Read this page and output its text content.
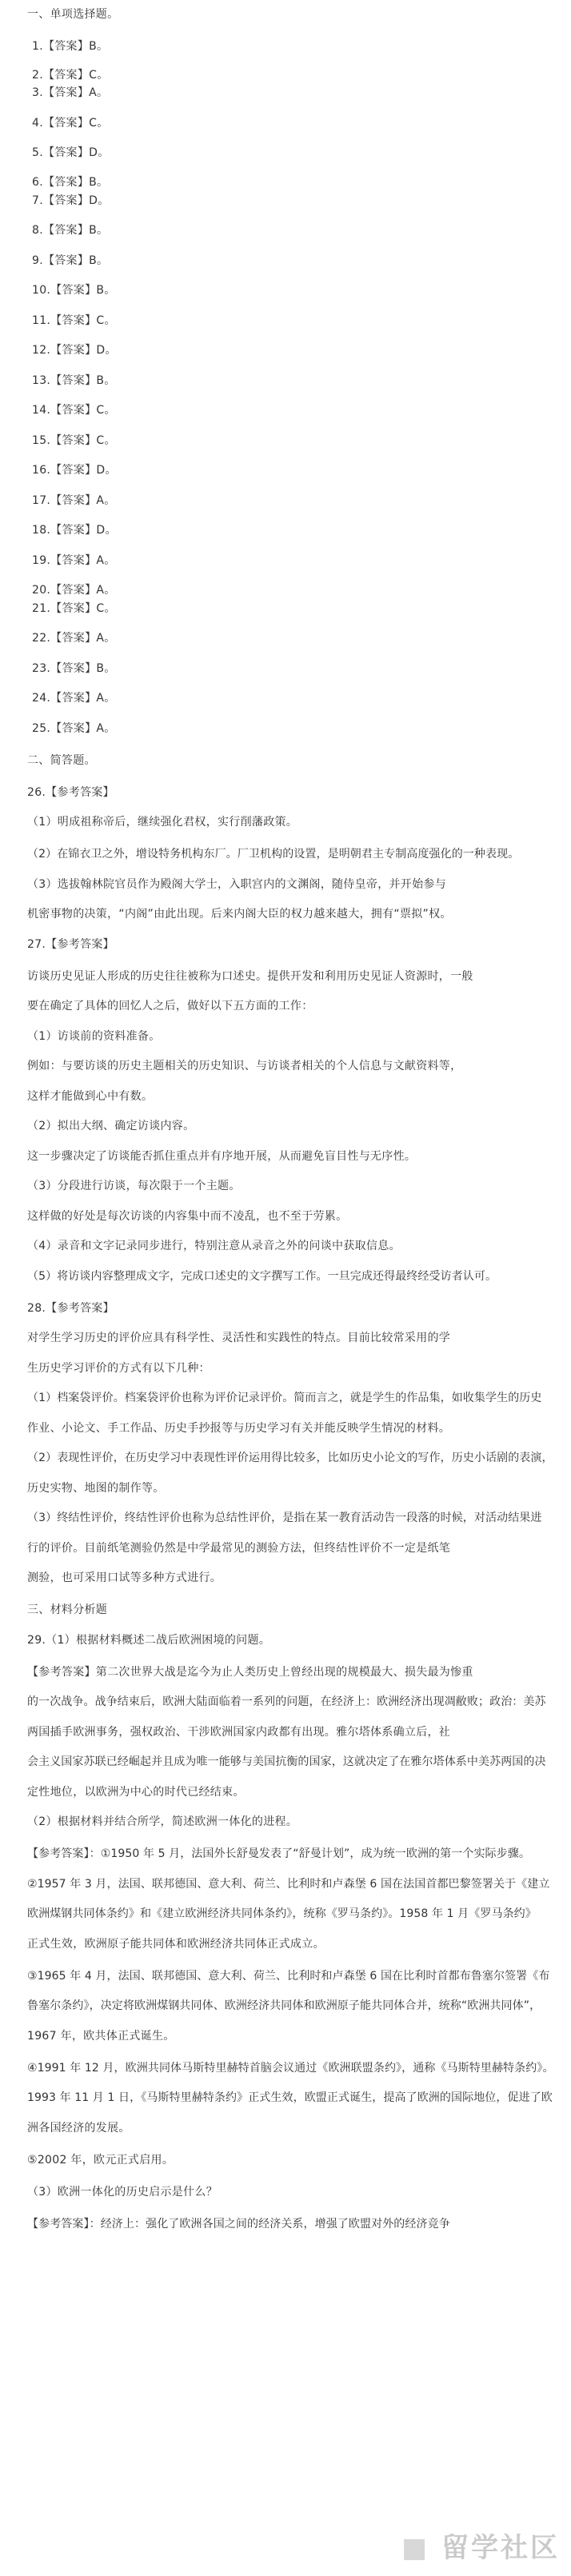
一、单项选择题。
1.【答案】B。
2.【答案】C。
3.【答案】A。
4.【答案】C。
5.【答案】D。
6.【答案】B。
7.【答案】D。
8.【答案】B。
9.【答案】B。
10.【答案】B。
11.【答案】C。
12.【答案】D。
13.【答案】B。
14.【答案】C。
15.【答案】C。
16.【答案】D。
17.【答案】A。
18.【答案】D。
19.【答案】A。
20.【答案】A。
21.【答案】C。
22.【答案】A。
23.【答案】B。
24.【答案】A。
25.【答案】A。
二、简答题。
26.【参考答案】
（1）明成祖称帝后，继续强化君权，实行削藩政策。
（2）在锦衣卫之外，增设特务机构东厂。厂卫机构的设置，是明朝君主专制高度强化的一种表现。
（3）选拔翰林院官员作为殿阁大学士，入职宫内的文渊阁，随侍皇帝，并开始参与
机密事物的决策，“内阁”由此出现。后来内阁大臣的权力越来越大，拥有“票拟”权。
27.【参考答案】
访谈历史见证人形成的历史往往被称为口述史。提供开发和利用历史见证人资源时，一般
要在确定了具体的回忆人之后，做好以下五方面的工作：
（1）访谈前的资料准备。
例如：与要访谈的历史主题相关的历史知识、与访谈者相关的个人信息与文献资料等，
这样才能做到心中有数。
（2）拟出大纲、确定访谈内容。
这一步骤决定了访谈能否抓住重点并有序地开展，从而避免盲目性与无序性。
（3）分段进行访谈，每次限于一个主题。
这样做的好处是每次访谈的内容集中而不凌乱，也不至于劳累。
（4）录音和文字记录同步进行，特别注意从录音之外的问谈中获取信息。
（5）将访谈内容整理成文字，完成口述史的文字撰写工作。一旦完成还得最终经受访者认可。
28.【参考答案】
对学生学习历史的评价应具有科学性、灵活性和实践性的特点。目前比较常采用的学
生历史学习评价的方式有以下几种：
（1）档案袋评价。档案袋评价也称为评价记录评价。简而言之，就是学生的作品集，如收集学生的历史
作业、小论文、手工作品、历史手抄报等与历史学习有关并能反映学生情况的材料。
（2）表现性评价，在历史学习中表现性评价运用得比较多，比如历史小论文的写作，历史小话剧的表演，
历史实物、地图的制作等。
（3）终结性评价，终结性评价也称为总结性评价，是指在某一教育活动告一段落的时候，对活动结果进
行的评价。目前纸笔测验仍然是中学最常见的测验方法，但终结性评价不一定是纸笔
测验，也可采用口试等多种方式进行。
三、材料分析题
29.（1）根据材料概述二战后欧洲困境的问题。
【参考答案】第二次世界大战是迄今为止人类历史上曾经出现的规模最大、损失最为惨重
的一次战争。战争结束后，欧洲大陆面临着一系列的问题，在经济上：欧洲经济出现凋敝败；政治：美苏
两国插手欧洲事务，强权政治、干涉欧洲国家内政都有出现。雅尔塔体系确立后，社
会主义国家苏联已经崛起并且成为唯一能够与美国抗衡的国家，这就决定了在雅尔塔体系中美苏两国的决
定性地位，以欧洲为中心的时代已经结束。
（2）根据材料并结合所学，简述欧洲一体化的进程。
【参考答案】：①1950 年 5 月，法国外长舒曼发表了“舒曼计划”，成为统一欧洲的第一个实际步骤。
②1957 年 3 月，法国、联邦德国、意大利、荷兰、比利时和卢森堡 6 国在法国首都巴黎签署关于《建立
欧洲煤钢共同体条约》和《建立欧洲经济共同体条约》，统称《罗马条约》。1958 年 1 月《罗马条约》
正式生效，欧洲原子能共同体和欧洲经济共同体正式成立。
③1965 年 4 月，法国、联邦德国、意大利、荷兰、比利时和卢森堡 6 国在比利时首都布鲁塞尔签署《布
鲁塞尔条约》，决定将欧洲煤钢共同体、欧洲经济共同体和欧洲原子能共同体合并，统称“欧洲共同体”，
1967 年，欧共体正式诞生。
④1991 年 12 月，欧洲共同体马斯特里赫特首脑会议通过《欧洲联盟条约》，通称《马斯特里赫特条约》。
1993 年 11 月 1 日，《马斯特里赫特条约》正式生效，欧盟正式诞生，提高了欧洲的国际地位，促进了欧
洲各国经济的发展。
⑤2002 年，欧元正式启用。
（3）欧洲一体化的历史启示是什么？
【参考答案】：经济上：强化了欧洲各国之间的经济关系，增强了欧盟对外的经济竞争
■ 留学社区
